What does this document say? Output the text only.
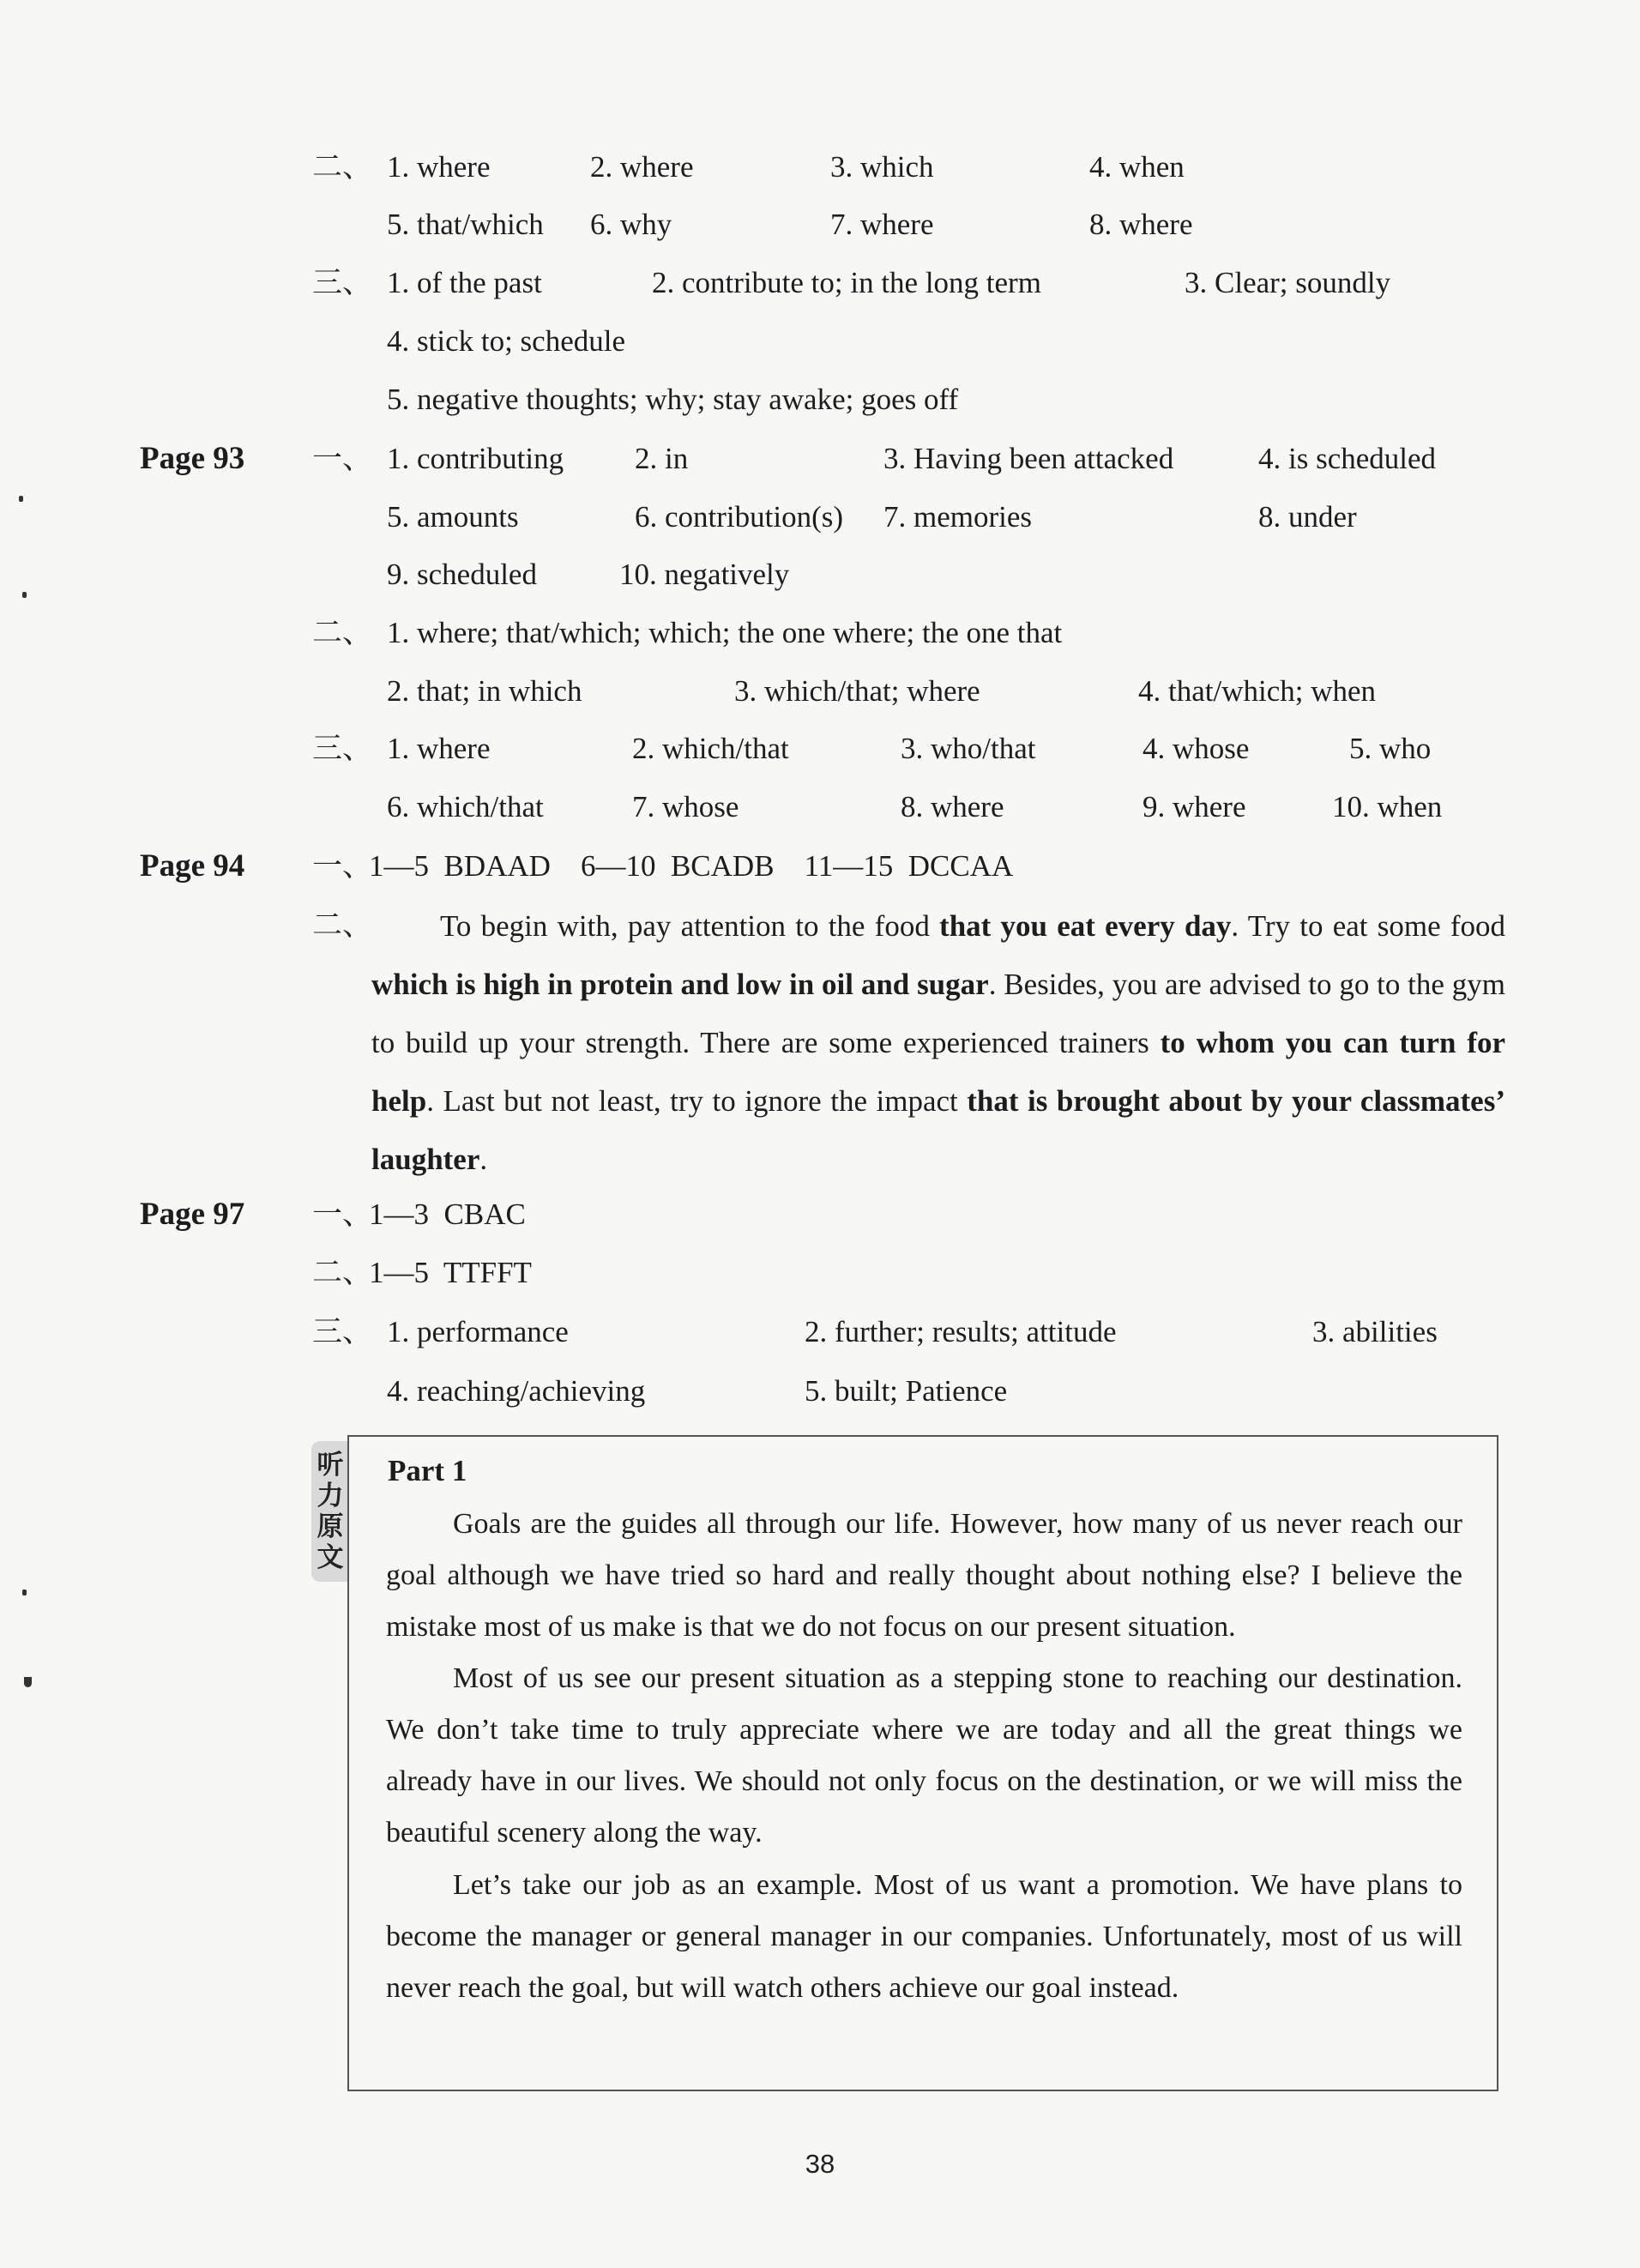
二、 1. where	2. where	3. which	4. when
5. that/which 6. why	7. where	8. where
三、 1. of the past	2. contribute to; in the long term	3. Clear; soundly
4. stick to; schedule
5. negative thoughts; why; stay awake; goes off
Page 93 一、 1. contributing 2. in	3. Having been attacked	4. is scheduled
5. amounts	6. contribution(s) 7. memories	8. under
9. scheduled	10. negatively
二、 1. where; that/which; which; the one where; the one that
2. that; in which	3. which/that; where	4. that/which; when
三、 1. where	2. which/that	3. who/that	4. whose	5. who
6. which/that	7. whose	8. where	9. where	10. when
Page 94 一、
1—5  BDAAD    6—10  BCADB    11—15  DCCAA
二、	To begin with, pay attention to the food that you eat every day. Try to eat some food which is high in protein and low in oil and sugar. Besides, you are advised to go to the gym to build up your strength. There are some experienced trainers to whom you can turn for help. Last but not least, try to ignore the impact that is brought about by your classmates’ laughter.
Page 97 一、
1—3  CBAC
二、
1—5  TTFFT
三、 1. performance	2. further; results; attitude	3. abilities
4. reaching/achieving	5. built; Patience
听
力
原
文
Part 1
Goals are the guides all through our life. However, how many of us never reach our goal although we have tried so hard and really thought about nothing else? I believe the mistake most of us make is that we do not focus on our present situation.
Most of us see our present situation as a stepping stone to reaching our destination. We don’t take time to truly appreciate where we are today and all the great things we already have in our lives. We should not only focus on the destination, or we will miss the beautiful scenery along the way.
Let’s take our job as an example. Most of us want a promotion. We have plans to become the manager or general manager in our companies. Unfortunately, most of us will never reach the goal, but will watch others achieve our goal instead.
38
